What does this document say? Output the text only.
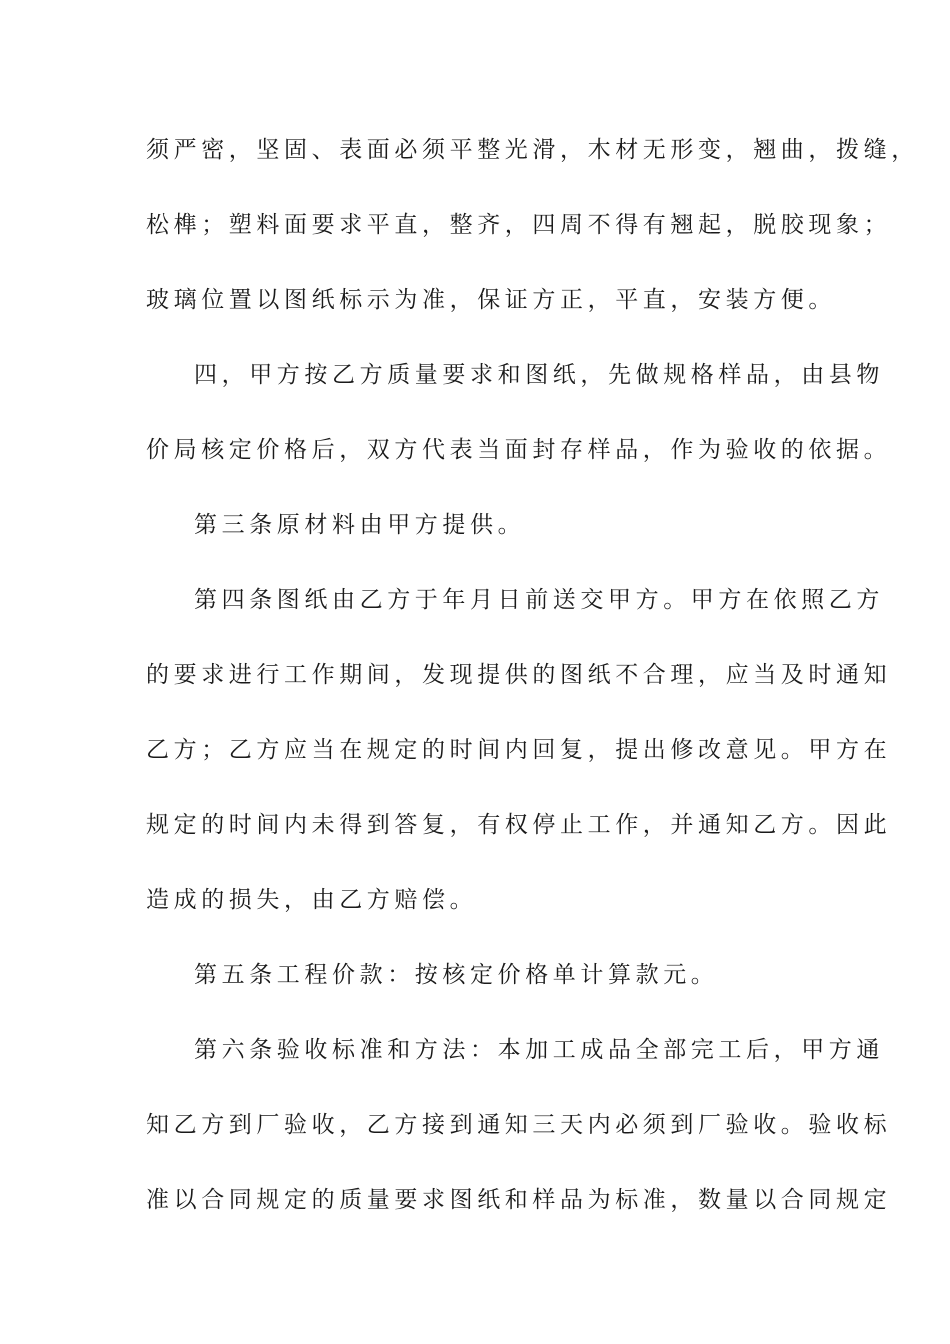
须严密，坚固、表面必须平整光滑，木材无形变，翘曲，拨缝，
松榫；塑料面要求平直，整齐，四周不得有翘起，脱胶现象；
玻璃位置以图纸标示为准，保证方正，平直，安装方便。
四，甲方按乙方质量要求和图纸，先做规格样品，由县物
价局核定价格后，双方代表当面封存样品，作为验收的依据。
第三条原材料由甲方提供。
第四条图纸由乙方于年月日前送交甲方。甲方在依照乙方
的要求进行工作期间，发现提供的图纸不合理，应当及时通知
乙方；乙方应当在规定的时间内回复，提出修改意见。甲方在
规定的时间内未得到答复，有权停止工作，并通知乙方。因此
造成的损失，由乙方赔偿。
第五条工程价款：按核定价格单计算款元。
第六条验收标准和方法：本加工成品全部完工后，甲方通
知乙方到厂验收，乙方接到通知三天内必须到厂验收。验收标
准以合同规定的质量要求图纸和样品为标准，数量以合同规定
